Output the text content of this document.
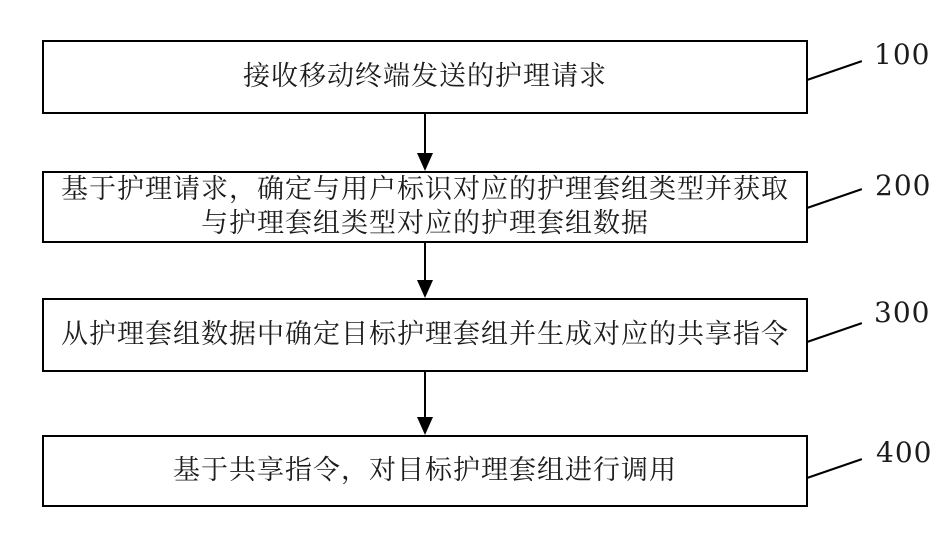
接收移动终端发送的护理请求
基于护理请求，确定与用户标识对应的护理套组类型并获取
与护理套组类型对应的护理套组数据
从护理套组数据中确定目标护理套组并生成对应的共享指令
基于共享指令，对目标护理套组进行调用
100
200
300
400
